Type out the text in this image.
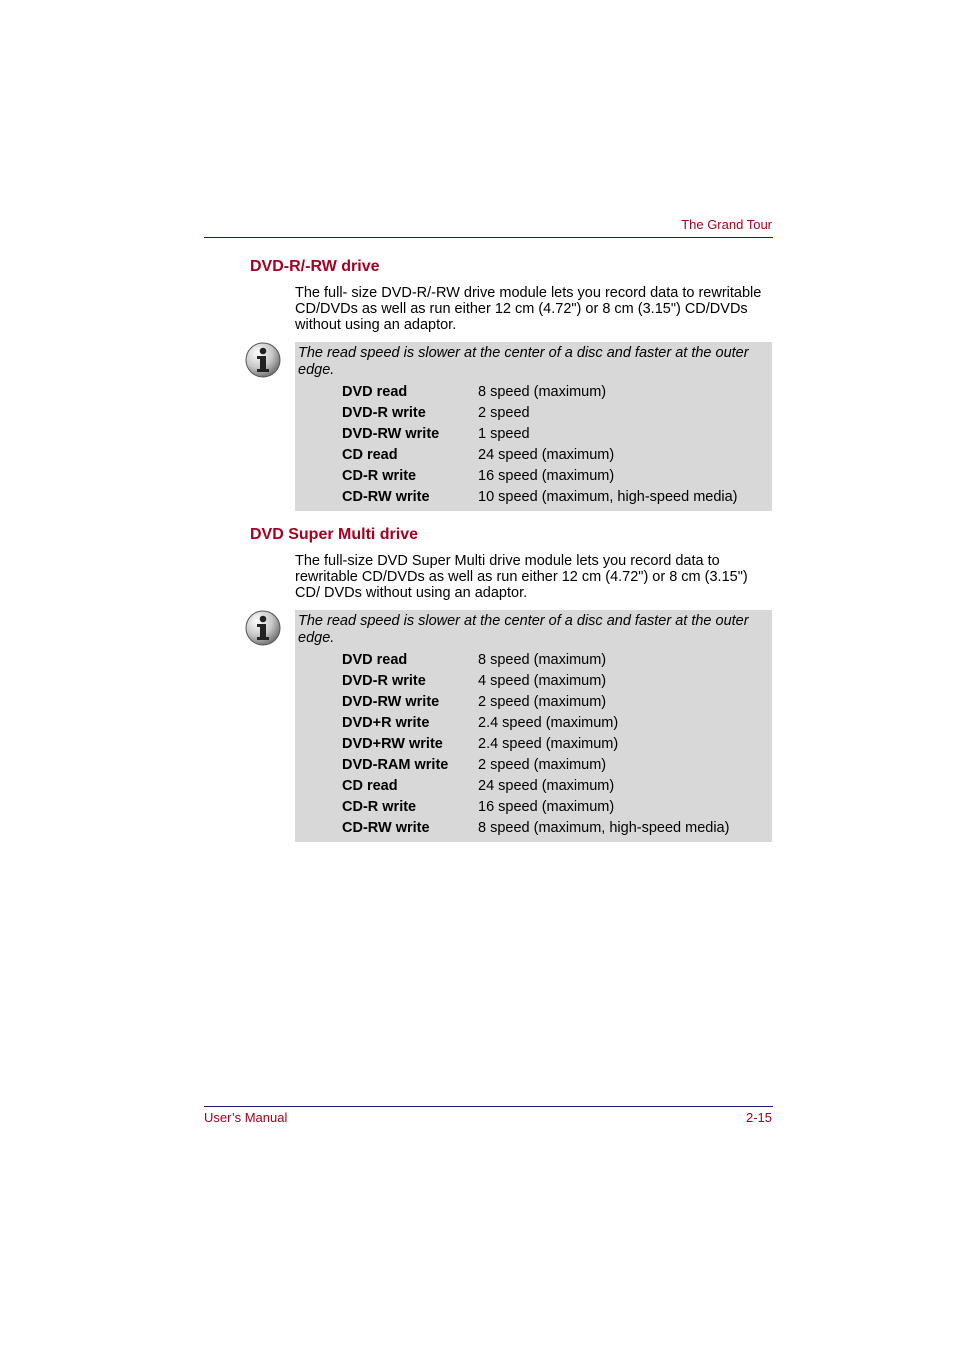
The Grand Tour
DVD-R/-RW drive

The full- size DVD-R/-RW drive module lets you record data to rewritable CD/DVDs as well as run either 12 cm (4.72") or 8 cm (3.15") CD/DVDs without using an adaptor.

The read speed is slower at the center of a disc and faster at the outer edge.

DVD read	8 speed (maximum)
DVD-R write	2 speed
DVD-RW write	1 speed
CD read	24 speed (maximum)
CD-R write	16 speed (maximum)
CD-RW write	10 speed (maximum, high-speed media)
DVD Super Multi drive

The full-size DVD Super Multi drive module lets you record data to rewritable CD/DVDs as well as run either 12 cm (4.72") or 8 cm (3.15") CD/ DVDs without using an adaptor.

The read speed is slower at the center of a disc and faster at the outer edge.

DVD read	8 speed (maximum)
DVD-R write	4 speed (maximum)
DVD-RW write	2 speed (maximum)
DVD+R write	2.4 speed (maximum)
DVD+RW write 2.4 speed (maximum)
DVD-RAM write 2 speed (maximum)
CD read	24 speed (maximum)
CD-R write	16 speed (maximum)
CD-RW write	8 speed (maximum, high-speed media)
User’s Manual	2-15
